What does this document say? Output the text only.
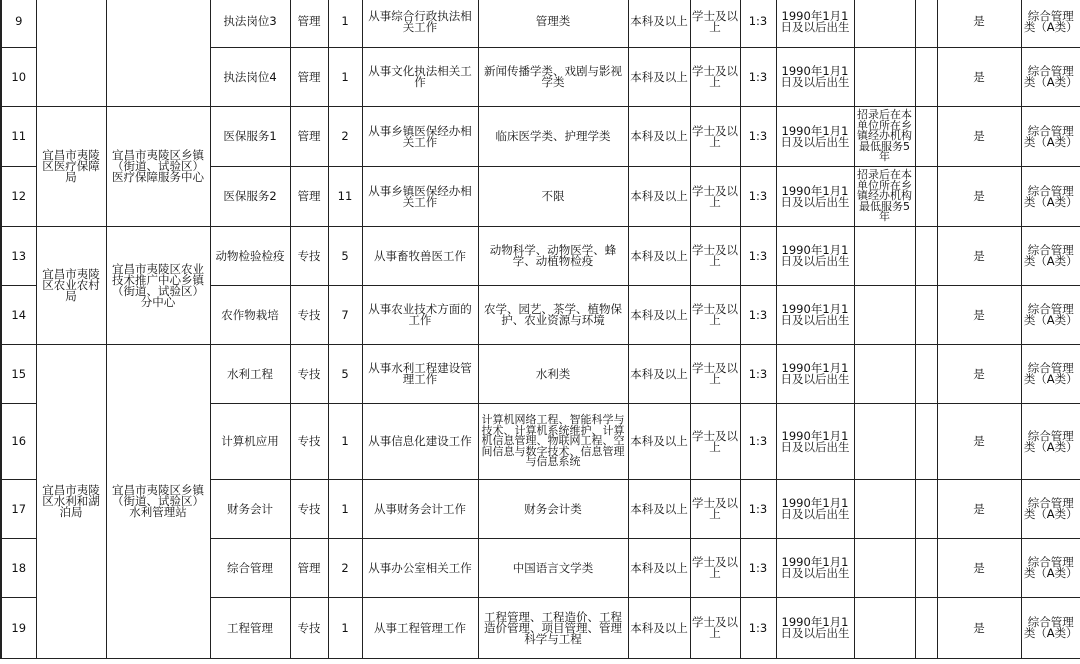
9			执法岗位3	管理	1	从事综合行政执法相关工作	管理类	本科及以上	学士及以上	1:3	1990年1月1日及以后出生			是	综合管理类（A类）
10			执法岗位4	管理	1	从事文化执法相关工作	新闻传播学类、戏剧与影视学类	本科及以上	学士及以上	1:3	1990年1月1日及以后出生			是	综合管理类（A类）
11	宜昌市夷陵区医疗保障局	宜昌市夷陵区乡镇（街道、试验区）医疗保障服务中心	医保服务1	管理	2	从事乡镇医保经办相关工作	临床医学类、护理学类	本科及以上	学士及以上	1:3	1990年1月1日及以后出生	招录后在本单位所在乡镇经办机构最低服务5年		是	综合管理类（A类）
12			医保服务2	管理	11	从事乡镇医保经办相关工作	不限	本科及以上	学士及以上	1:3	1990年1月1日及以后出生	招录后在本单位所在乡镇经办机构最低服务5年		是	综合管理类（A类）
13	宜昌市夷陵区农业农村局	宜昌市夷陵区农业技术推广中心乡镇（街道、试验区）分中心	动物检验检疫	专技	5	从事畜牧兽医工作	动物科学、动物医学、蜂学、动植物检疫	本科及以上	学士及以上	1:3	1990年1月1日及以后出生			是	综合管理类（A类）
14			农作物栽培	专技	7	从事农业技术方面的工作	农学、园艺、茶学、植物保护、农业资源与环境	本科及以上	学士及以上	1:3	1990年1月1日及以后出生			是	综合管理类（A类）
15	宜昌市夷陵区水利和湖泊局	宜昌市夷陵区乡镇（街道、试验区）水利管理站	水利工程	专技	5	从事水利工程建设管理工作	水利类	本科及以上	学士及以上	1:3	1990年1月1日及以后出生			是	综合管理类（A类）
16			计算机应用	专技	1	从事信息化建设工作	计算机网络工程、智能科学与技术、计算机系统维护、计算机信息管理、物联网工程、空间信息与数字技术、信息管理与信息系统	本科及以上	学士及以上	1:3	1990年1月1日及以后出生			是	综合管理类（A类）
17			财务会计	专技	1	从事财务会计工作	财务会计类	本科及以上	学士及以上	1:3	1990年1月1日及以后出生			是	综合管理类（A类）
18			综合管理	管理	2	从事办公室相关工作	中国语言文学类	本科及以上	学士及以上	1:3	1990年1月1日及以后出生			是	综合管理类（A类）
19			工程管理	专技	1	从事工程管理工作	工程管理、工程造价、工程造价管理、项目管理、管理科学与工程	本科及以上	学士及以上	1:3	1990年1月1日及以后出生			是	综合管理类（A类）
